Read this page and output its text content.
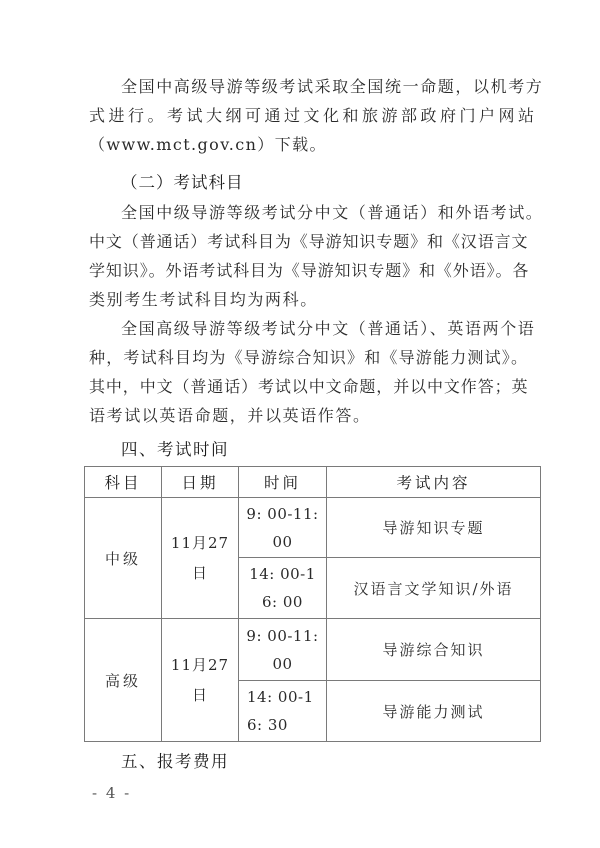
全国中高级导游等级考试采取全国统一命题，以机考方
式进行。考试大纲可通过文化和旅游部政府门户网站
（www.mct.gov.cn）下载。
（二）考试科目
全国中级导游等级考试分中文（普通话）和外语考试。
中文（普通话）考试科目为《导游知识专题》和《汉语言文
学知识》。外语考试科目为《导游知识专题》和《外语》。各
类别考生考试科目均为两科。
全国高级导游等级考试分中文（普通话）、英语两个语
种，考试科目均为《导游综合知识》和《导游能力测试》。
其中，中文（普通话）考试以中文命题，并以中文作答；英
语考试以英语命题，并以英语作答。
四、考试时间
科目	日期	时间	考试内容
中级	11月27日	9: 00-11: 00	导游知识专题
		14: 00-16: 00	汉语言文学知识/外语
高级	11月27日	9: 00-11: 00	导游综合知识
		14: 00-16: 30	导游能力测试
五、报考费用
- 4 -
